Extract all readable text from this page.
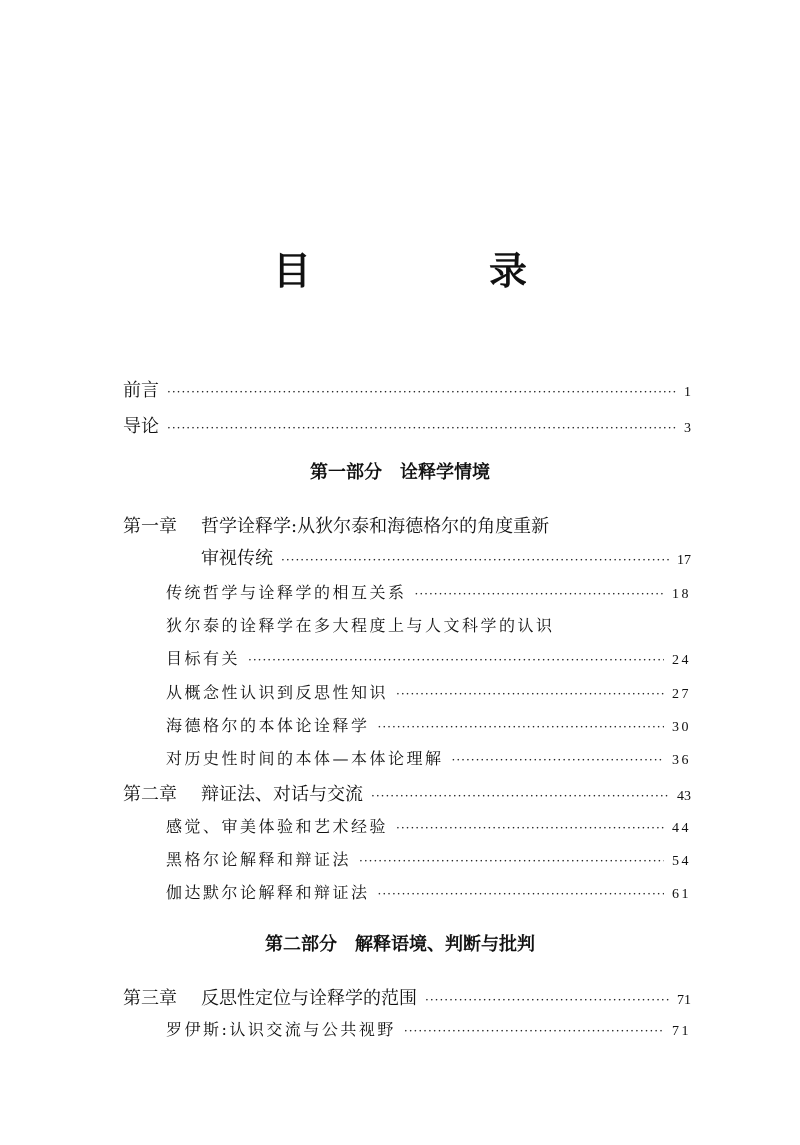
目　录
前言 ·····	1
导论 ·····	3
第一部分 诠释学情境
第一章 哲学诠释学:从狄尔泰和海德格尔的角度重新
审视传统 ·····	17
传统哲学与诠释学的相互关系 ·····	18
狄尔泰的诠释学在多大程度上与人文科学的认识
目标有关 ·····	24
从概念性认识到反思性知识 ·····	27
海德格尔的本体论诠释学 ·····	30
对历史性时间的本体—本体论理解 ·····	36
第二章 辩证法、对话与交流 ·····	43
感觉、审美体验和艺术经验 ·····	44
黑格尔论解释和辩证法 ·····	54
伽达默尔论解释和辩证法 ·····	61
第二部分 解释语境、判断与批判
第三章 反思性定位与诠释学的范围 ·····	71
罗伊斯:认识交流与公共视野 ·····	71
